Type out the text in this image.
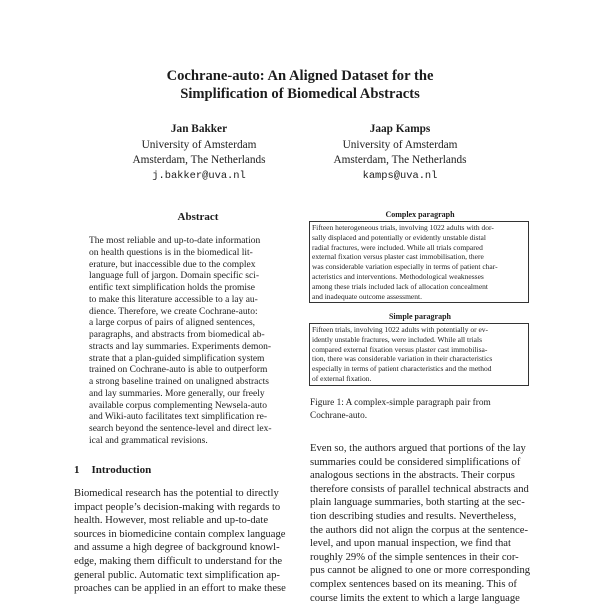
Cochrane-auto: An Aligned Dataset for the
Simplification of Biomedical Abstracts
Jan Bakker
University of Amsterdam
Amsterdam, The Netherlands
j.bakker@uva.nl
Jaap Kamps
University of Amsterdam
Amsterdam, The Netherlands
kamps@uva.nl
Abstract
The most reliable and up-to-date information
on health questions is in the biomedical lit-
erature, but inaccessible due to the complex
language full of jargon. Domain specific sci-
entific text simplification holds the promise
to make this literature accessible to a lay au-
dience. Therefore, we create Cochrane-auto:
a large corpus of pairs of aligned sentences,
paragraphs, and abstracts from biomedical ab-
stracts and lay summaries. Experiments demon-
strate that a plan-guided simplification system
trained on Cochrane-auto is able to outperform
a strong baseline trained on unaligned abstracts
and lay summaries. More generally, our freely
available corpus complementing Newsela-auto
and Wiki-auto facilitates text simplification re-
search beyond the sentence-level and direct lex-
ical and grammatical revisions.
1 Introduction
Biomedical research has the potential to directly
impact people’s decision-making with regards to
health. However, most reliable and up-to-date
sources in biomedicine contain complex language
and assume a high degree of background knowl-
edge, making them difficult to understand for the
general public. Automatic text simplification ap-
proaches can be applied in an effort to make these
Complex paragraph
Fifteen heterogeneous trials, involving 1022 adults with dor-
sally displaced and potentially or evidently unstable distal
radial fractures, were included. While all trials compared
external fixation versus plaster cast immobilisation, there
was considerable variation especially in terms of patient char-
acteristics and interventions. Methodological weaknesses
among these trials included lack of allocation concealment
and inadequate outcome assessment.
Simple paragraph
Fifteen trials, involving 1022 adults with potentially or ev-
idently unstable fractures, were included. While all trials
compared external fixation versus plaster cast immobilisa-
tion, there was considerable variation in their characteristics
especially in terms of patient characteristics and the method
of external fixation.
Figure 1: A complex-simple paragraph pair from
Cochrane-auto.
Even so, the authors argued that portions of the lay
summaries could be considered simplifications of
analogous sections in the abstracts. Their corpus
therefore consists of parallel technical abstracts and
plain language summaries, both starting at the sec-
tion describing studies and results. Nevertheless,
the authors did not align the corpus at the sentence-
level, and upon manual inspection, we find that
roughly 29% of the simple sentences in their cor-
pus cannot be aligned to one or more corresponding
complex sentences based on its meaning. This of
course limits the extent to which a large language
